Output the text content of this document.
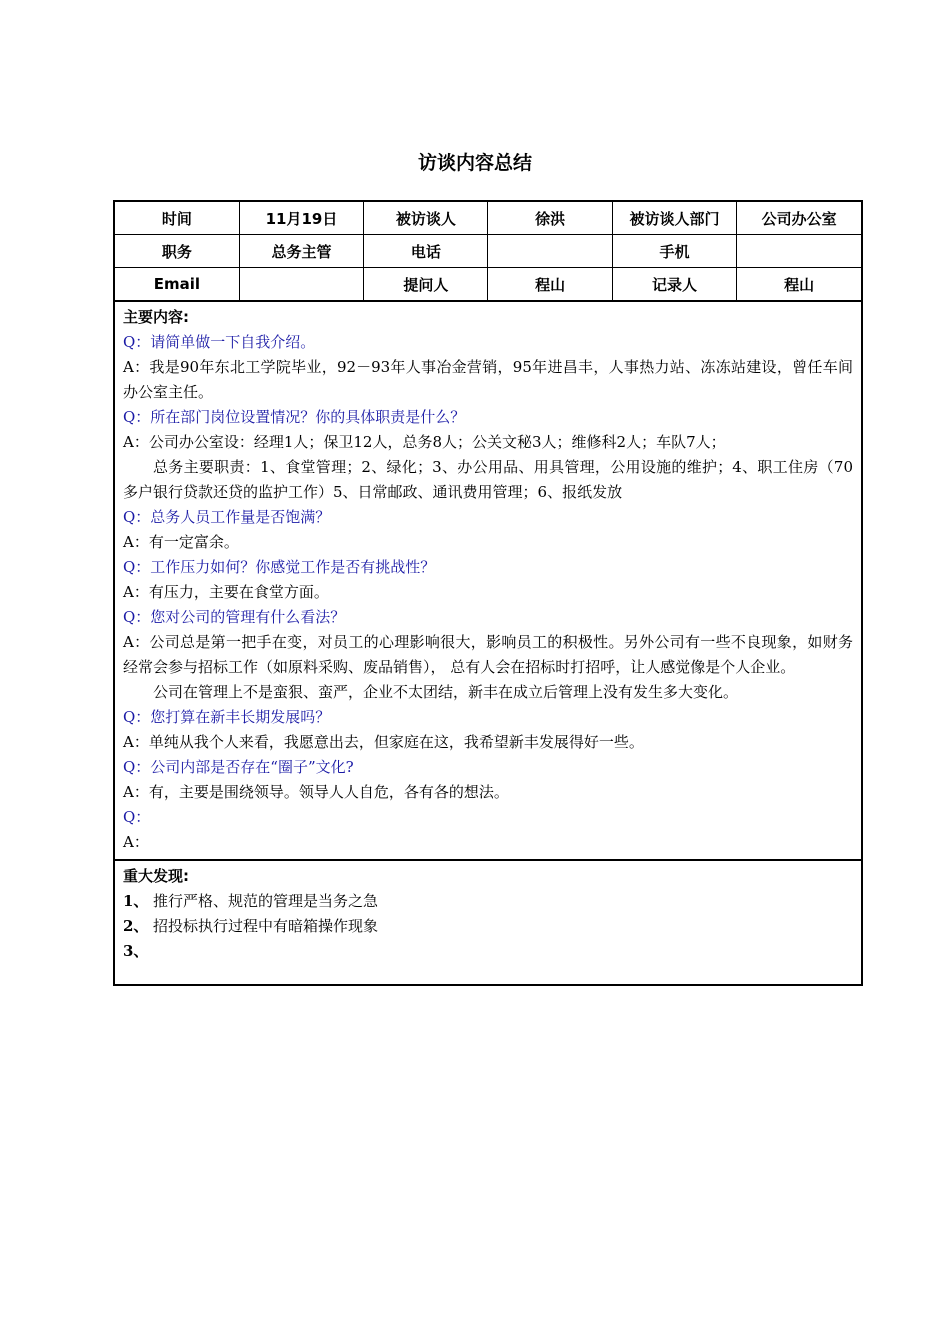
访谈内容总结
时间	11月19日	被访谈人	徐洪	被访谈人部门	公司办公室
职务	总务主管	电话		手机	
Email		提问人	程山	记录人	程山
主要内容:
Q：请简单做一下自我介绍。
A：我是90年东北工学院毕业，92－93年人事冶金营销，95年进昌丰，人事热力站、冻冻站建设，曾任车间办公室主任。
Q：所在部门岗位设置情况？你的具体职责是什么？
A：公司办公室设：经理1人；保卫12人，总务8人；公关文秘3人；维修科2人；车队7人；
总务主要职责：1、食堂管理；2、绿化；3、办公用品、用具管理，公用设施的维护；4、职工住房（70多户银行贷款还贷的监护工作）5、日常邮政、通讯费用管理；6、报纸发放
Q：总务人员工作量是否饱满？
A：有一定富余。
Q：工作压力如何？你感觉工作是否有挑战性？
A：有压力，主要在食堂方面。
Q：您对公司的管理有什么看法？
A：公司总是第一把手在变，对员工的心理影响很大，影响员工的积极性。另外公司有一些不良现象，如财务经常会参与招标工作（如原料采购、废品销售）， 总有人会在招标时打招呼，让人感觉像是个人企业。
公司在管理上不是蛮狠、蛮严，企业不太团结，新丰在成立后管理上没有发生多大变化。
Q：您打算在新丰长期发展吗？
A：单纯从我个人来看，我愿意出去，但家庭在这，我希望新丰发展得好一些。
Q：公司内部是否存在“圈子”文化?
A：有，主要是围绕领导。领导人人自危，各有各的想法。
Q：
A：
重大发现:
1、 推行严格、规范的管理是当务之急
2、 招投标执行过程中有暗箱操作现象
3、
